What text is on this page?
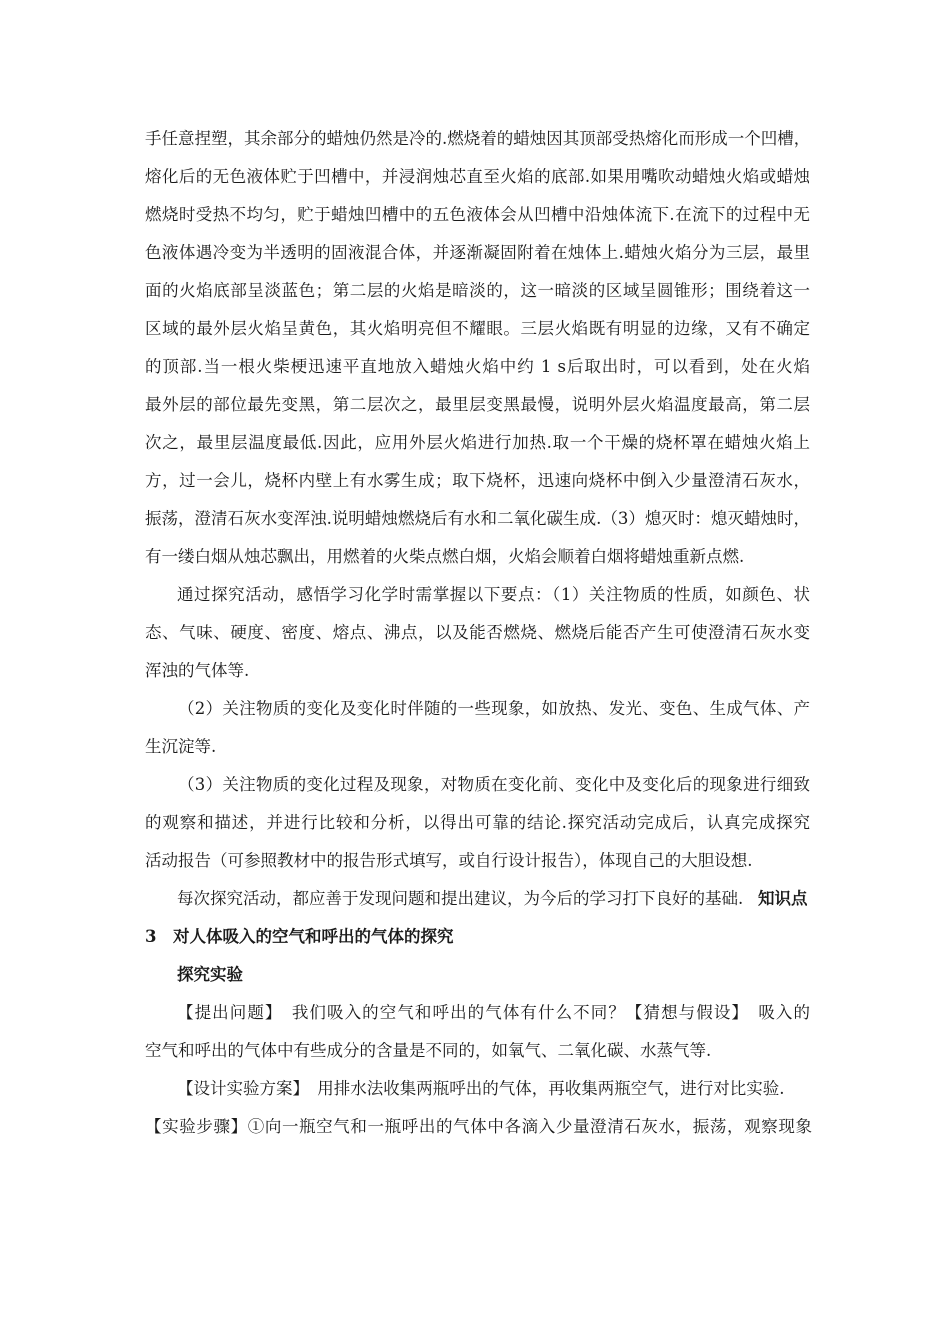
手任意捏塑，其余部分的蜡烛仍然是冷的.燃烧着的蜡烛因其顶部受热熔化而形成一个凹槽，
熔化后的无色液体贮于凹槽中，并浸润烛芯直至火焰的底部.如果用嘴吹动蜡烛火焰或蜡烛
燃烧时受热不均匀，贮于蜡烛凹槽中的五色液体会从凹槽中沿烛体流下.在流下的过程中无
色液体遇冷变为半透明的固液混合体，并逐渐凝固附着在烛体上.蜡烛火焰分为三层，最里
面的火焰底部呈淡蓝色；第二层的火焰是暗淡的，这一暗淡的区域呈圆锥形；围绕着这一
区域的最外层火焰呈黄色，其火焰明亮但不耀眼。三层火焰既有明显的边缘，又有不确定
的顶部.当一根火柴梗迅速平直地放入蜡烛火焰中约 1 s后取出时，可以看到，处在火焰
最外层的部位最先变黑，第二层次之，最里层变黑最慢，说明外层火焰温度最高，第二层
次之，最里层温度最低.因此，应用外层火焰进行加热.取一个干燥的烧杯罩在蜡烛火焰上
方，过一会儿，烧杯内壁上有水雾生成；取下烧杯，迅速向烧杯中倒入少量澄清石灰水，
振荡，澄清石灰水变浑浊.说明蜡烛燃烧后有水和二氧化碳生成.（3）熄灭时：熄灭蜡烛时，
有一缕白烟从烛芯飘出，用燃着的火柴点燃白烟，火焰会顺着白烟将蜡烛重新点燃.
通过探究活动，感悟学习化学时需掌握以下要点：（1）关注物质的性质，如颜色、状
态、气味、硬度、密度、熔点、沸点，以及能否燃烧、燃烧后能否产生可使澄清石灰水变
浑浊的气体等.
（2）关注物质的变化及变化时伴随的一些现象，如放热、发光、变色、生成气体、产
生沉淀等.
（3）关注物质的变化过程及现象，对物质在变化前、变化中及变化后的现象进行细致
的观察和描述，并进行比较和分析，以得出可靠的结论.探究活动完成后，认真完成探究
活动报告（可参照教材中的报告形式填写，或自行设计报告），体现自己的大胆设想.
每次探究活动，都应善于发现问题和提出建议，为今后的学习打下良好的基础. 知识点
3　对人体吸入的空气和呼出的气体的探究
探究实验
【提出问题】　我们吸入的空气和呼出的气体有什么不同？【猜想与假设】　吸入的
空气和呼出的气体中有些成分的含量是不同的，如氧气、二氧化碳、水蒸气等.
【设计实验方案】　用排水法收集两瓶呼出的气体，再收集两瓶空气，进行对比实验.
【实验步骤】①向一瓶空气和一瓶呼出的气体中各滴入少量澄清石灰水，振荡，观察现象
